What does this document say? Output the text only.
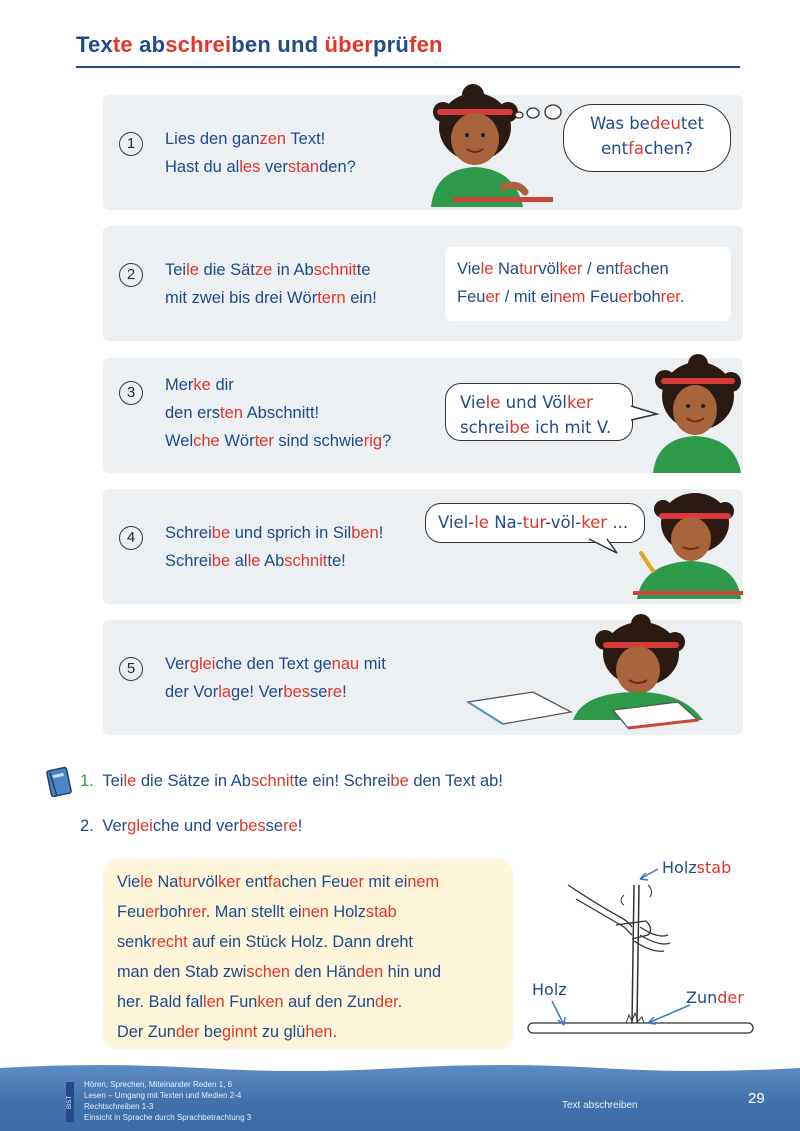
Texte abschreiben und überprüfen
1	Lies den ganzen Text!
Hast du alles verstanden?
Was bedeutet
entfachen?
2	Teile die Sätze in Abschnitte
mit zwei bis drei Wörtern ein!
Viele Naturvölker / entfachen
Feuer / mit einem Feuerbohrer.
3	Merke dir
den ersten Abschnitt!
Welche Wörter sind schwierig?
Viele und Völker
schreibe ich mit V.
4	Schreibe und sprich in Silben!
Schreibe alle Abschnitte!
Viel-le Na-tur-völ-ker ...
5	Vergleiche den Text genau mit
der Vorlage! Verbessere!
1. Teile die Sätze in Abschnitte ein! Schreibe den Text ab!
2. Vergleiche und verbessere!

Viele Naturvölker entfachen Feuer mit einem
Feuerbohrer. Man stellt einen Holzstab
senkrecht auf ein Stück Holz. Dann dreht
man den Stab zwischen den Händen hin und
her. Bald fallen Funken auf den Zunder.
Der Zunder beginnt zu glühen.

Holzstab
Holz	Zunder
BIST
Hören, Sprechen, Miteinander Reden 1, 6
Lesen – Umgang mit Texten und Medien 2-4
Rechtschreiben 1-3
Einsicht in Sprache durch Sprachbetrachtung 3
Text abschreiben	29
